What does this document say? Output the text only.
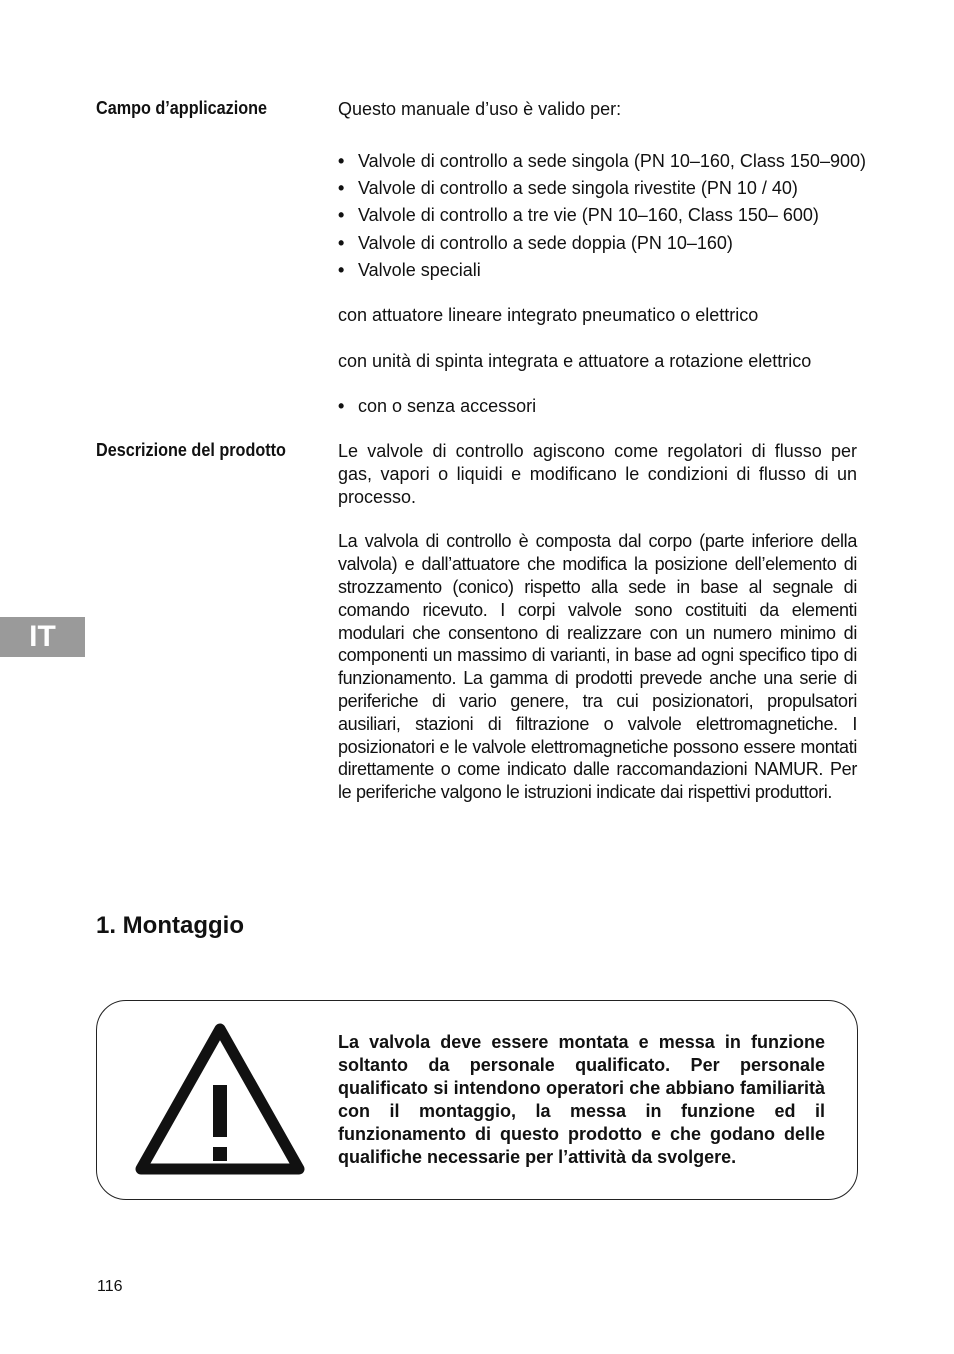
Campo d’applicazione	Questo manuale d’uso è valido per:

• Valvole di controllo a sede singola (PN 10–160, Class 150–900)
• Valvole di controllo a sede singola rivestite (PN 10 / 40)
• Valvole di controllo a tre vie (PN 10–160, Class 150– 600)
• Valvole di controllo a sede doppia (PN 10–160)
• Valvole speciali

con attuatore lineare integrato pneumatico o elettrico

con unità di spinta integrata e attuatore a rotazione elettrico

• con o senza accessori
Descrizione del prodotto	Le valvole di controllo agiscono come regolatori di flusso per gas, vapori o liquidi e modificano le condizioni di flusso di un processo.

La valvola di controllo è composta dal corpo (parte inferiore della valvola) e dall’attuatore che modifica la posizione dell’elemento di strozzamento (conico) rispetto alla sede in base al segnale di comando ricevuto. I corpi valvole sono costituiti da elementi modulari che consentono di realizzare con un numero minimo di componenti un massimo di varianti, in base ad ogni specifico tipo di funzionamento. La gamma di prodotti prevede anche una serie di periferiche di vario genere, tra cui posizionatori, propulsatori ausiliari, stazioni di filtrazione o valvole elettromagnetiche. I posizionatori e le valvole elettromagnetiche possono essere montati direttamente o come indicato dalle raccomandazioni NAMUR. Per le periferiche valgono le istruzioni indicate dai rispettivi produttori.

IT
1. Montaggio
La valvola deve essere montata e messa in funzione soltanto da personale qualificato. Per personale qualificato si intendono operatori che abbiano familiarità con il montaggio, la messa in funzione ed il funzionamento di questo prodotto e che godano delle qualifiche necessarie per l’attività da svolgere.
116
